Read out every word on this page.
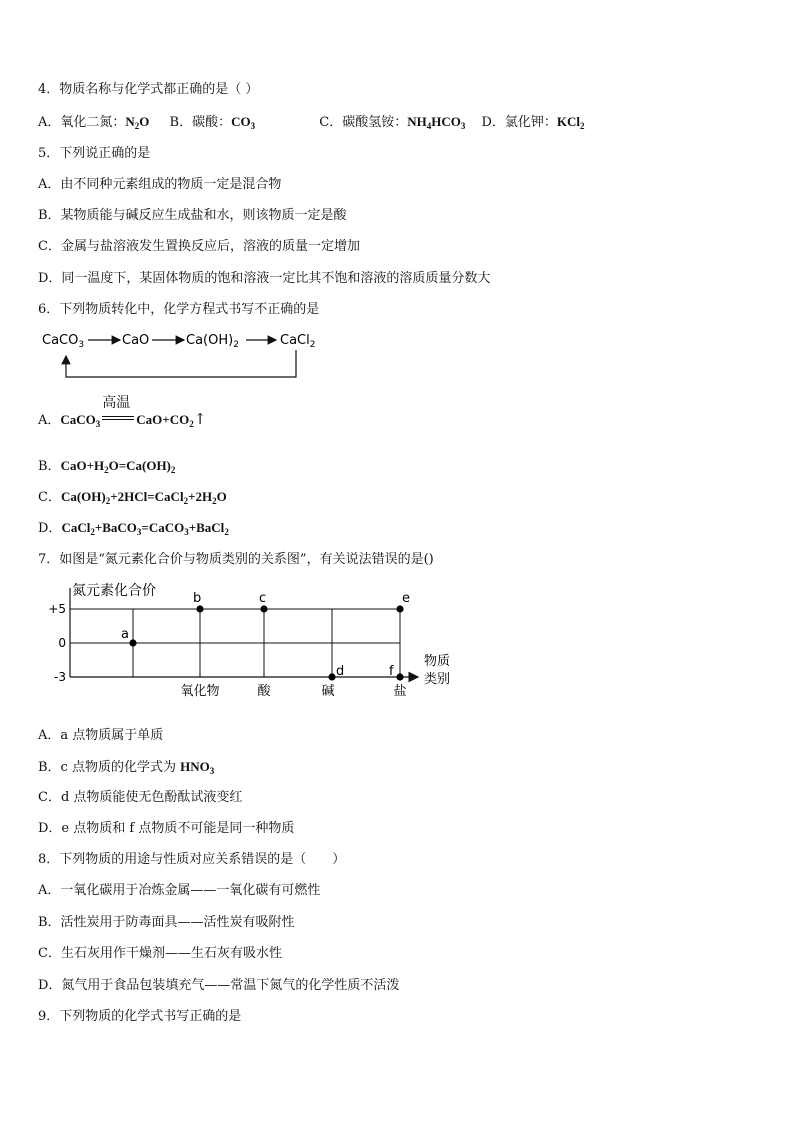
4．物质名称与化学式都正确的是（ ）
A．氧化二氮：$N_2O$ B．碳酸：$CO_3$	C．碳酸氢铵：$NH_4HCO_3$ D．氯化钾：KCl$_2$
5．下列说正确的是
A．由不同种元素组成的物质一定是混合物
B．某物质能与碱反应生成盐和水，则该物质一定是酸
C．金属与盐溶液发生置换反应后，溶液的质量一定增加
D．同一温度下，某固体物质的饱和溶液一定比其不饱和溶液的溶质质量分数大
6．下列物质转化中，化学方程式书写不正确的是
CaCO$_3$	CaO	$Ca(OH)_2$	CaCl$_2$
A．CaCO$_3$
高温
$CaO+CO_2↑$
B．$CaO+H_2O=Ca(OH)_2$
C．$Ca(OH)_2+2HCl=CaCl_2+2H_2O$
D．CaCl$_2$+BaCO$_3$=CaCO$_3$+BaCl$_2$
7．如图是“氮元素化合价与物质类别的关系图”，有关说法错误的是()
+5
0
-3
氧化物	酸	碱	盐
a
b	c
d
e
f
氮元素化合价
物质
类别
A．a 点物质属于单质
B．c 点物质的化学式为 $HNO_3$
C．d 点物质能使无色酚酞试液变红
D．e 点物质和 f 点物质不可能是同一种物质
8．下列物质的用途与性质对应关系错误的是（　　）
A．一氧化碳用于冶炼金属——一氧化碳有可燃性
B．活性炭用于防毒面具——活性炭有吸附性
C．生石灰用作干燥剂——生石灰有吸水性
D．氮气用于食品包装填充气——常温下氮气的化学性质不活泼
9．下列物质的化学式书写正确的是
